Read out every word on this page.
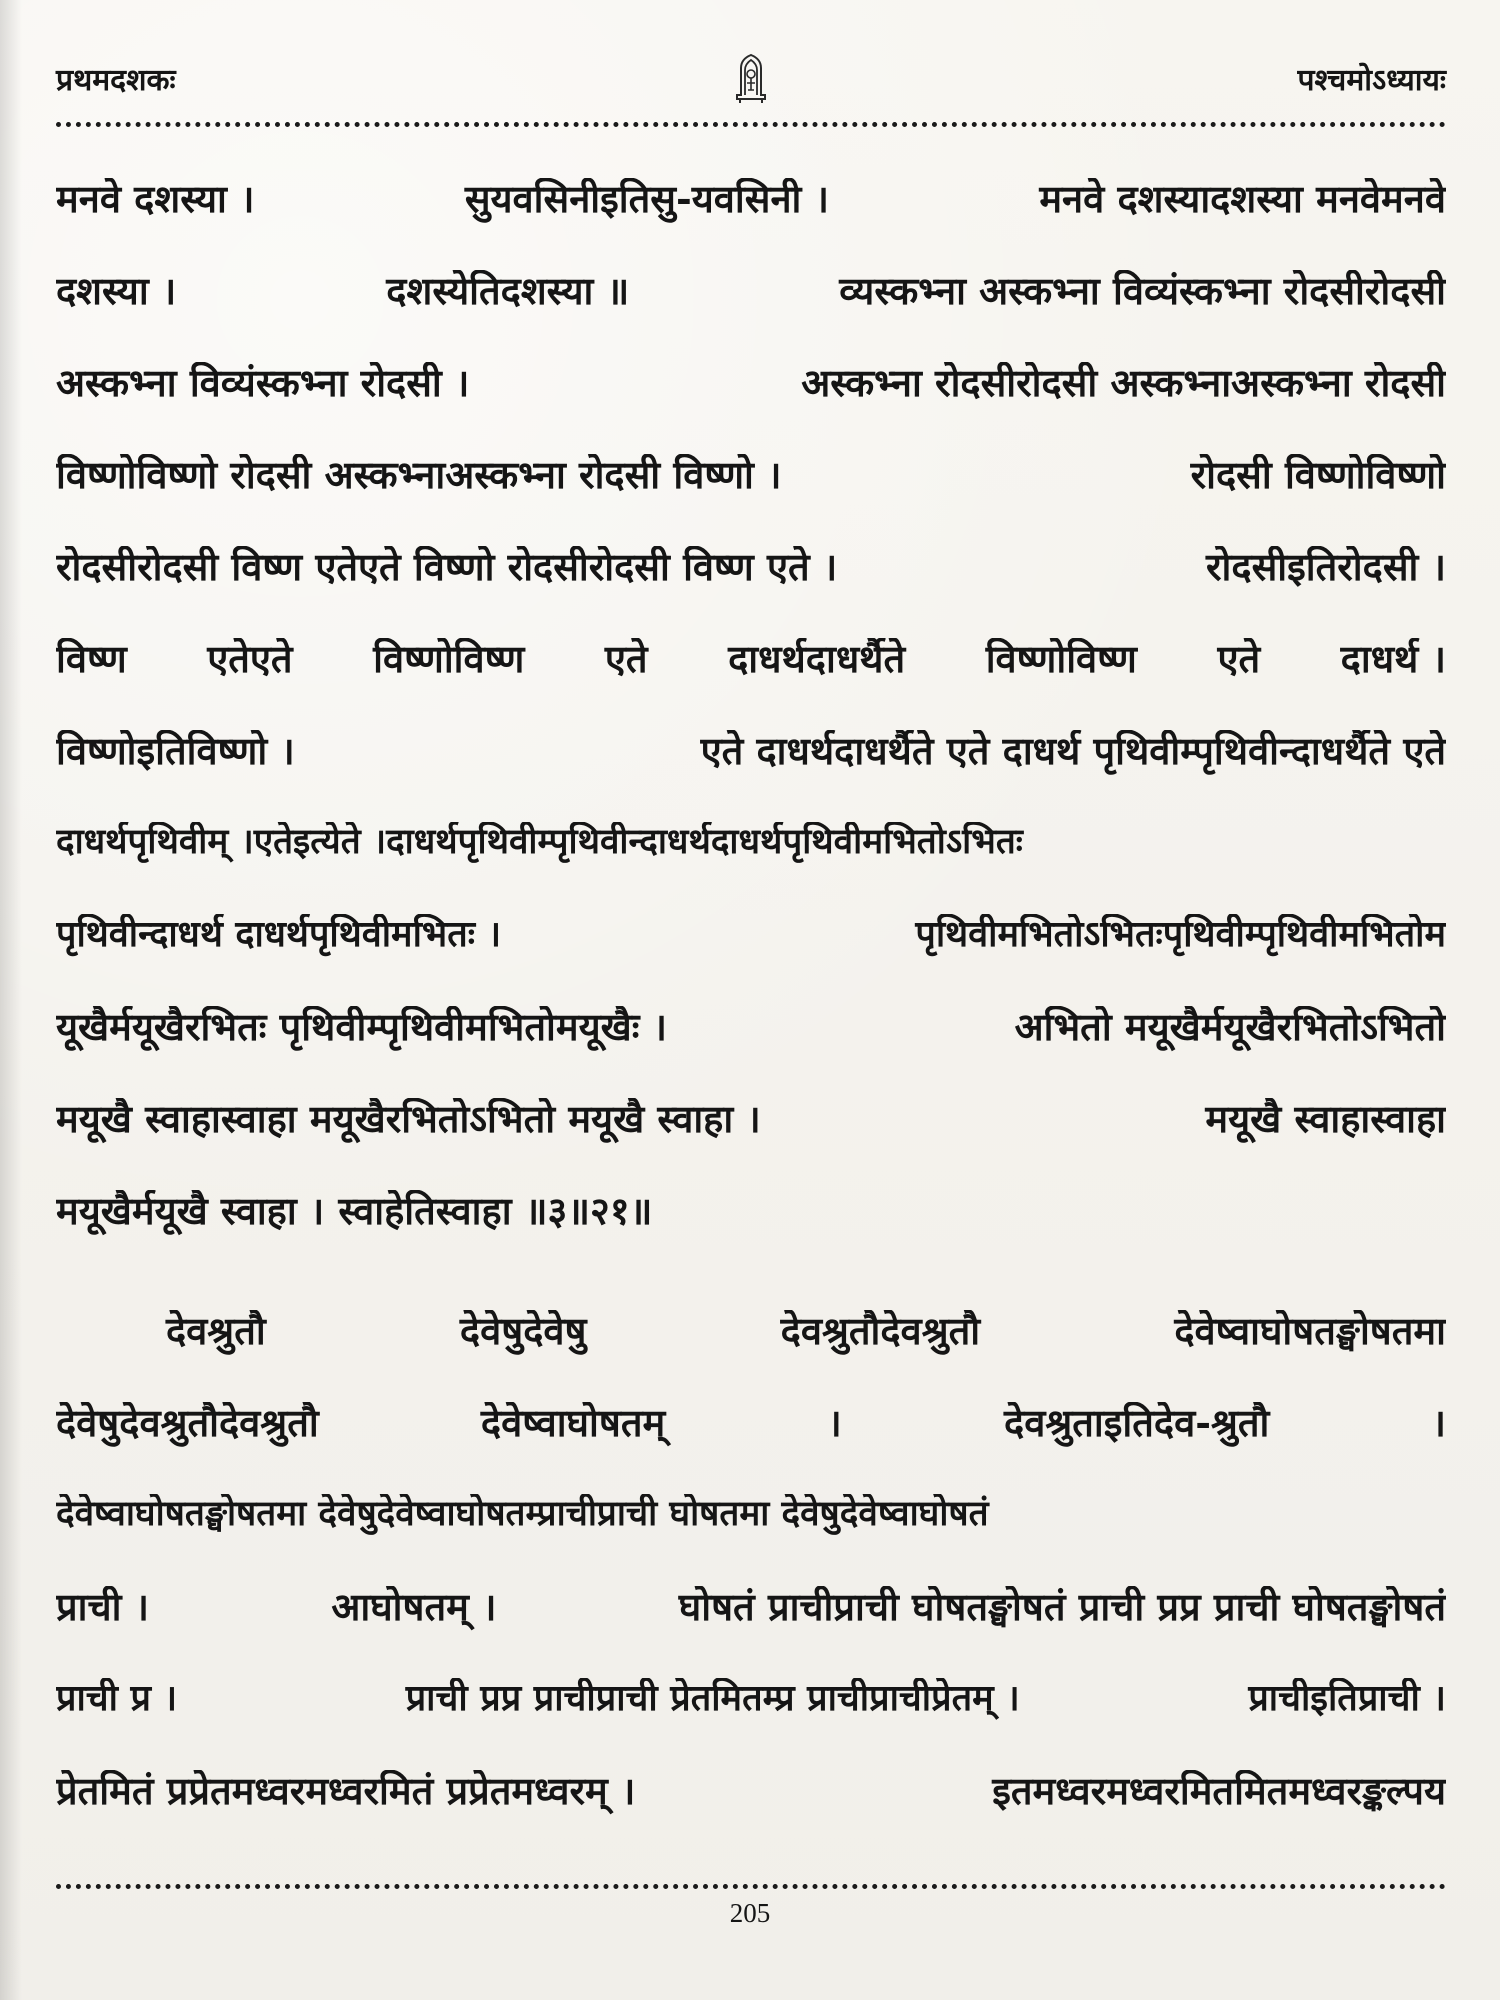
प्रथमदशकः	पश्चमोऽध्यायः
मनवे दशस्या ।	सुयवसिनीइतिसु-यवसिनी ।	मनवे दशस्यादशस्या मनवेमनवे
दशस्या ।	दशस्येतिदशस्या ॥	व्यस्कभ्ना अस्कभ्ना विव्यंस्कभ्ना रोदसीरोदसी
अस्कभ्ना विव्यंस्कभ्ना रोदसी ।	अस्कभ्ना रोदसीरोदसी अस्कभ्नाअस्कभ्ना रोदसी
विष्णोविष्णो रोदसी अस्कभ्नाअस्कभ्ना रोदसी विष्णो ।	रोदसी विष्णोविष्णो
रोदसीरोदसी विष्ण एतेएते विष्णो रोदसीरोदसी विष्ण एते ।	रोदसीइतिरोदसी ।
विष्ण एतेएते विष्णोविष्ण एते दाधर्थदाधर्थैते विष्णोविष्ण एते दाधर्थ ।
विष्णोइतिविष्णो ।	एते दाधर्थदाधर्थैते एते दाधर्थ पृथिवीम्पृथिवीन्दाधर्थैते एते
दाधर्थपृथिवीम् ।एतेइत्येते ।दाधर्थपृथिवीम्पृथिवीन्दाधर्थदाधर्थपृथिवीमभितोऽभितः
पृथिवीन्दाधर्थ दाधर्थपृथिवीमभितः ।	पृथिवीमभितोऽभितःपृथिवीम्पृथिवीमभितोम
यूखैर्मयूखैरभितः पृथिवीम्पृथिवीमभितोमयूखैः ।	अभितो मयूखैर्मयूखैरभितोऽभितो
मयूखै स्वाहास्वाहा मयूखैरभितोऽभितो मयूखै स्वाहा ।	मयूखै स्वाहास्वाहा
मयूखैर्मयूखै स्वाहा । स्वाहेतिस्वाहा ॥३॥२१॥
देवश्रुतौ	देवेषुदेवेषु	देवश्रुतौदेवश्रुतौ	देवेष्वाघोषतङ्घोषतमा
देवेषुदेवश्रुतौदेवश्रुतौ	देवेष्वाघोषतम्	।	देवश्रुताइतिदेव-श्रुतौ	।
देवेष्वाघोषतङ्घोषतमा देवेषुदेवेष्वाघोषतम्प्राचीप्राची घोषतमा देवेषुदेवेष्वाघोषतं
प्राची ।	आघोषतम् ।	घोषतं प्राचीप्राची घोषतङ्घोषतं प्राची प्रप्र प्राची घोषतङ्घोषतं
प्राची प्र ।	प्राची प्रप्र प्राचीप्राची प्रेतमितम्प्र प्राचीप्राचीप्रेतम् ।	प्राचीइतिप्राची ।
प्रेतमितं प्रप्रेतमध्वरमध्वरमितं प्रप्रेतमध्वरम् ।	इतमध्वरमध्वरमितमितमध्वरङ्कल्पय
205
